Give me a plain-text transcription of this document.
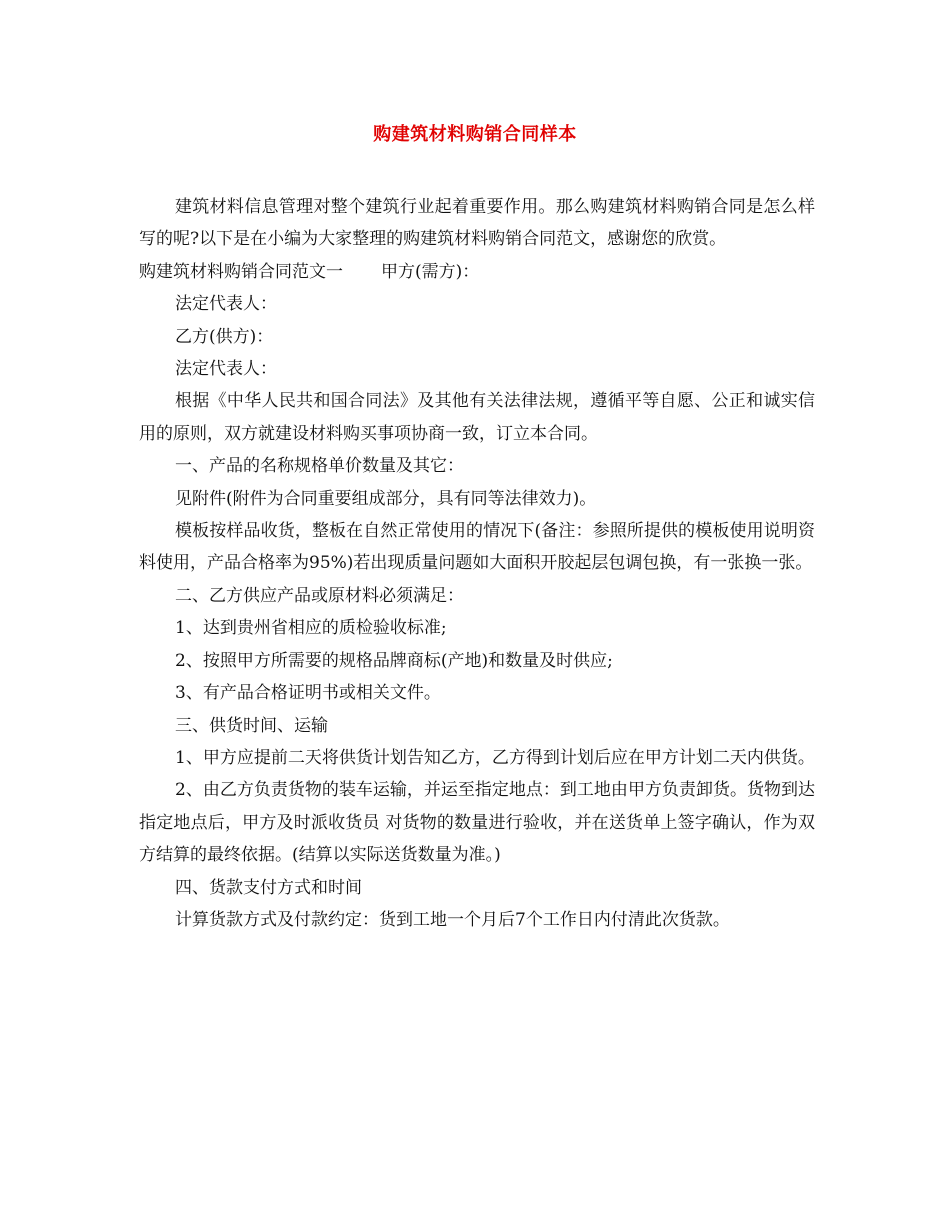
购建筑材料购销合同样本

建筑材料信息管理对整个建筑行业起着重要作用。那么购建筑材料购销合同是怎么样写的呢?以下是在小编为大家整理的购建筑材料购销合同范文，感谢您的欣赏。

购建筑材料购销合同范文一 甲方(需方)：

法定代表人：

乙方(供方)：

法定代表人：

根据《中华人民共和国合同法》及其他有关法律法规，遵循平等自愿、公正和诚实信用的原则，双方就建设材料购买事项协商一致，订立本合同。

一、产品的名称规格单价数量及其它：

见附件(附件为合同重要组成部分，具有同等法律效力)。

模板按样品收货，整板在自然正常使用的情况下(备注：参照所提供的模板使用说明资料使用，产品合格率为95%)若出现质量问题如大面积开胶起层包调包换，有一张换一张。

二、乙方供应产品或原材料必须满足：

1、达到贵州省相应的质检验收标准;

2、按照甲方所需要的规格品牌商标(产地)和数量及时供应;

3、有产品合格证明书或相关文件。

三、供货时间、运输

1、甲方应提前二天将供货计划告知乙方，乙方得到计划后应在甲方计划二天内供货。

2、由乙方负责货物的装车运输，并运至指定地点：到工地由甲方负责卸货。货物到达指定地点后，甲方及时派收货员 对货物的数量进行验收，并在送货单上签字确认，作为双方结算的最终依据。(结算以实际送货数量为准。)

四、货款支付方式和时间

计算货款方式及付款约定：货到工地一个月后7个工作日内付清此次货款。
